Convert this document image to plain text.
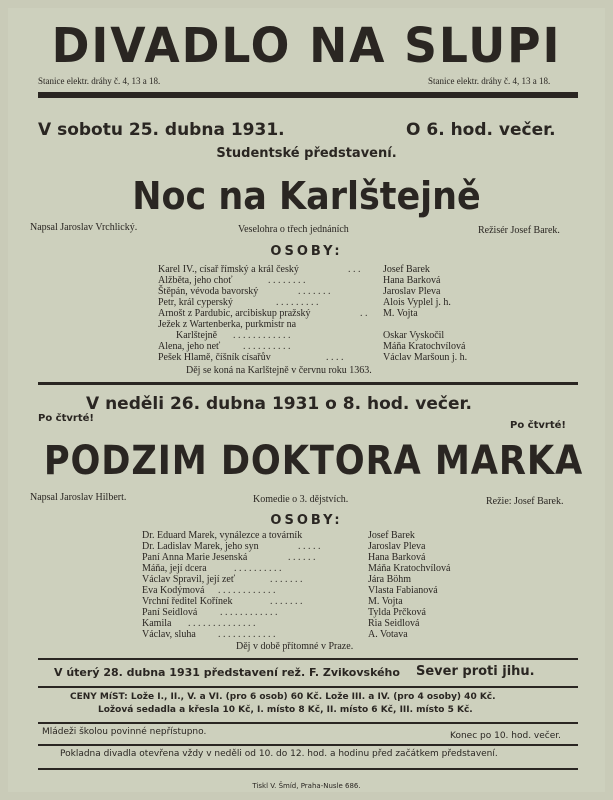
DIVADLO NA SLUPI
Stanice elektr. dráhy č. 4, 13 a 18.	Stanice elektr. dráhy č. 4, 13 a 18.
V sobotu 25. dubna 1931.	O 6. hod. večer.
Studentské představení.
Noc na Karlštejně
Napsal Jaroslav Vrchlický.	Veselohra o třech jednáních	Režisér Josef Barek.
OSOBY:
Karel IV., císař římský a král český	. . . Josef Barek
Alžběta, jeho choť	. . . . . . . .	Hana Barková
Štěpán, vévoda bavorský	. . . . . . .	Jaroslav Pleva
Petr, král cyperský	. . . . . . . . .	Alois Vyplel j. h.
Arnošt z Pardubic, arcibiskup pražský	. . M. Vojta
Ježek z Wartenberka, purkmistr na
Karlštejně . . . . . . . . . . . .	Oskar Vyskočil
Alena, jeho neť . . . . . . . . . .	Máňa Kratochvílová
Pešek Hlamě, číšník císařův	. . . .	Václav Maršoun j. h.
Děj se koná na Karlštejně v červnu roku 1363.
V neděli 26. dubna 1931 o 8. hod. večer.
Po čtvrté!
Po čtvrté!
PODZIM DOKTORA MARKA
Napsal Jaroslav Hilbert.	Komedie o 3. dějstvích.	Režie: Josef Barek.
OSOBY:
Dr. Eduard Marek, vynálezce a továrník	Josef Barek
Dr. Ladislav Marek, jeho syn	. . . . .	Jaroslav Pleva
Paní Anna Marie Jesenská	. . . . . .	Hana Barková
Máňa, její dcera	. . . . . . . . . .	Máňa Kratochvílová
Václav Spravil, její zeť	. . . . . . .	Jára Böhm
Eva Kodýmová . . . . . . . . . . . .	Vlasta Fabianová
Vrchní ředitel Kořínek	. . . . . . .	M. Vojta
Paní Seidlová . . . . . . . . . . . .	Tylda Prčková
Kamila . . . . . . . . . . . . . .	Ria Seidlová
Václav, sluha . . . . . . . . . . . .	A. Votava
Děj v době přítomné v Praze.
V úterý 28. dubna 1931 představení rež. F. Zvikovského Sever proti jihu.
CENY MíST: Lože I., II., V. a VI. (pro 6 osob) 60 Kč. Lože III. a IV. (pro 4 osoby) 40 Kč.
Ložová sedadla a křesla 10 Kč, I. místo 8 Kč, II. místo 6 Kč, III. místo 5 Kč.
Mládeži školou povinné nepřístupno.	Konec po 10. hod. večer.
Pokladna divadla otevřena vždy v neděli od 10. do 12. hod. a hodinu před začátkem představení.
Tiskl V. Šmíd, Praha-Nusle 686.
